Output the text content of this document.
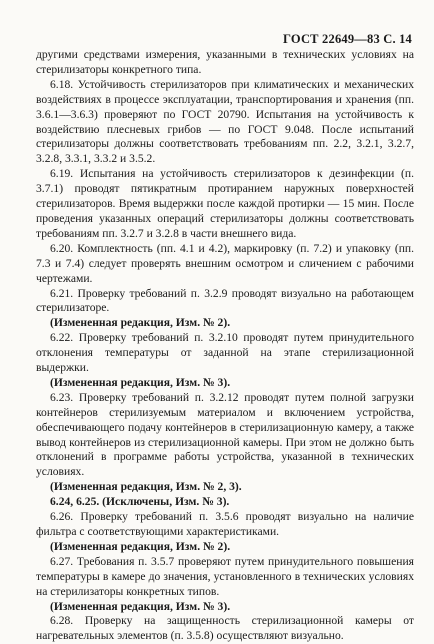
ГОСТ 22649—83 С. 14

другими средствами измерения, указанными в технических условиях на стерилизаторы конкретного типа.

6.18. Устойчивость стерилизаторов при климатических и механических воздействиях в процессе эксплуатации, транспортирования и хранения (пп. 3.6.1—3.6.3) проверяют по ГОСТ 20790. Испытания на устойчивость к воздействию плесневых грибов — по ГОСТ 9.048. После испытаний стерилизаторы должны соответствовать требованиям пп. 2.2, 3.2.1, 3.2.7, 3.2.8, 3.3.1, 3.3.2 и 3.5.2.

6.19. Испытания на устойчивость стерилизаторов к дезинфекции (п. 3.7.1) проводят пятикратным протиранием наружных поверхностей стерилизаторов. Время выдержки после каждой протирки — 15 мин. После проведения указанных операций стерилизаторы должны соответствовать требованиям пп. 3.2.7 и 3.2.8 в части внешнего вида.

6.20. Комплектность (пп. 4.1 и 4.2), маркировку (п. 7.2) и упаковку (пп. 7.3 и 7.4) следует проверять внешним осмотром и сличением с рабочими чертежами.

6.21. Проверку требований п. 3.2.9 проводят визуально на работающем стерилизаторе.

(Измененная редакция, Изм. № 2).

6.22. Проверку требований п. 3.2.10 проводят путем принудительного отклонения температуры от заданной на этапе стерилизационной выдержки.

(Измененная редакция, Изм. № 3).

6.23. Проверку требований п. 3.2.12 проводят путем полной загрузки контейнеров стерилизуемым материалом и включением устройства, обеспечивающего подачу контейнеров в стерилизационную камеру, а также вывод контейнеров из стерилизационной камеры. При этом не должно быть отклонений в программе работы устройства, указанной в технических условиях.

(Измененная редакция, Изм. № 2, 3).

6.24, 6.25. (Исключены, Изм. № 3).

6.26. Проверку требований п. 3.5.6 проводят визуально на наличие фильтра с соответствующими характеристиками.

(Измененная редакция, Изм. № 2).

6.27. Требования п. 3.5.7 проверяют путем принудительного повышения температуры в камере до значения, установленного в технических условиях на стерилизаторы конкретных типов.

(Измененная редакция, Изм. № 3).

6.28. Проверку на защищенность стерилизационной камеры от нагревательных элементов (п. 3.5.8) осуществляют визуально.
